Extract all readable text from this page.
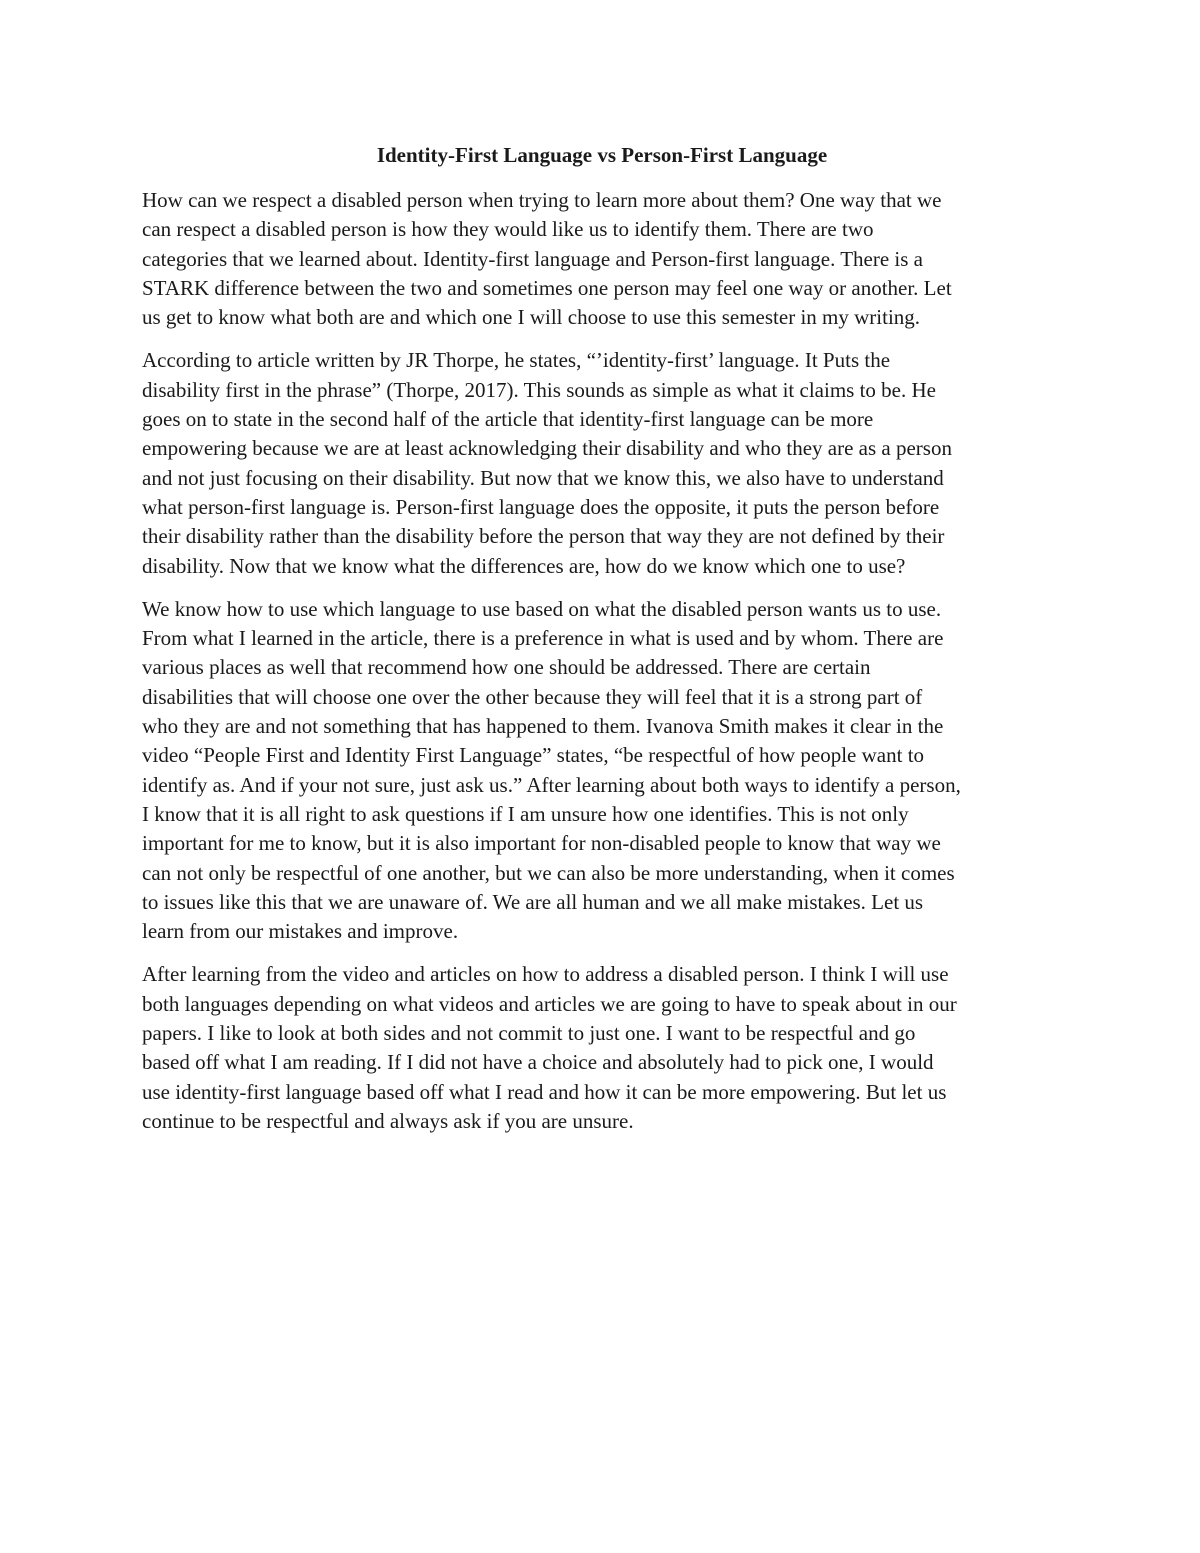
Identity-First Language vs Person-First Language

How can we respect a disabled person when trying to learn more about them? One way that we
can respect a disabled person is how they would like us to identify them. There are two
categories that we learned about. Identity-first language and Person-first language. There is a
STARK difference between the two and sometimes one person may feel one way or another. Let
us get to know what both are and which one I will choose to use this semester in my writing.

According to article written by JR Thorpe, he states, “’identity-first’ language. It Puts the
disability first in the phrase” (Thorpe, 2017). This sounds as simple as what it claims to be. He
goes on to state in the second half of the article that identity-first language can be more
empowering because we are at least acknowledging their disability and who they are as a person
and not just focusing on their disability. But now that we know this, we also have to understand
what person-first language is. Person-first language does the opposite, it puts the person before
their disability rather than the disability before the person that way they are not defined by their
disability. Now that we know what the differences are, how do we know which one to use?

We know how to use which language to use based on what the disabled person wants us to use.
From what I learned in the article, there is a preference in what is used and by whom. There are
various places as well that recommend how one should be addressed. There are certain
disabilities that will choose one over the other because they will feel that it is a strong part of
who they are and not something that has happened to them. Ivanova Smith makes it clear in the
video “People First and Identity First Language” states, “be respectful of how people want to
identify as. And if your not sure, just ask us.” After learning about both ways to identify a person,
I know that it is all right to ask questions if I am unsure how one identifies. This is not only
important for me to know, but it is also important for non-disabled people to know that way we
can not only be respectful of one another, but we can also be more understanding, when it comes
to issues like this that we are unaware of. We are all human and we all make mistakes. Let us
learn from our mistakes and improve.

After learning from the video and articles on how to address a disabled person. I think I will use
both languages depending on what videos and articles we are going to have to speak about in our
papers. I like to look at both sides and not commit to just one. I want to be respectful and go
based off what I am reading. If I did not have a choice and absolutely had to pick one, I would
use identity-first language based off what I read and how it can be more empowering. But let us
continue to be respectful and always ask if you are unsure.
